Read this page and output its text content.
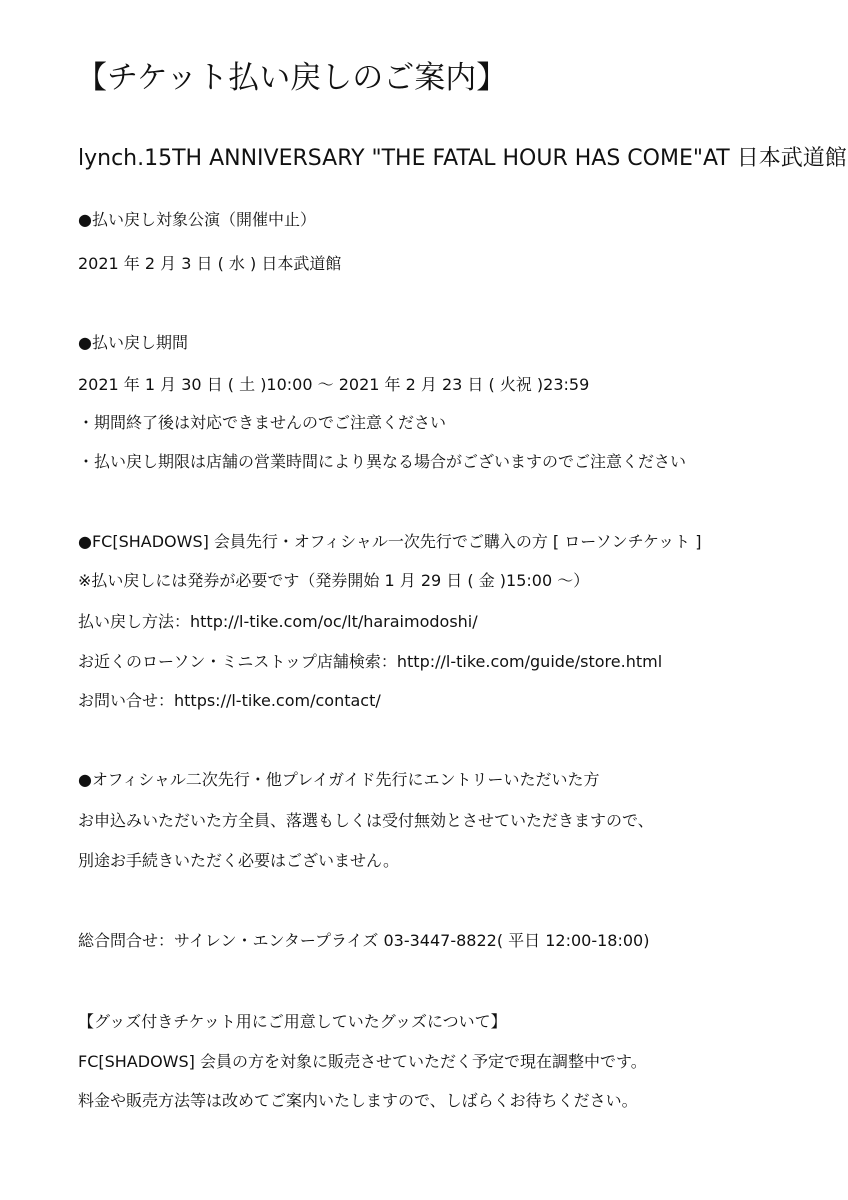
【チケット払い戻しのご案内】
lynch.15TH ANNIVERSARY "THE FATAL HOUR HAS COME"AT 日本武道館
●払い戻し対象公演（開催中止）
2021 年 2 月 3 日 ( 水 ) 日本武道館
●払い戻し期間
2021 年 1 月 30 日 ( 土 )10:00 〜 2021 年 2 月 23 日 ( 火祝 )23:59
・期間終了後は対応できませんのでご注意ください
・払い戻し期限は店舗の営業時間により異なる場合がございますのでご注意ください
●FC[SHADOWS] 会員先行・オフィシャル一次先行でご購入の方 [ ローソンチケット ]
※払い戻しには発券が必要です（発券開始 1 月 29 日 ( 金 )15:00 〜）
払い戻し方法：http://l-tike.com/oc/lt/haraimodoshi/
お近くのローソン・ミニストップ店舗検索：http://l-tike.com/guide/store.html
お問い合せ：https://l-tike.com/contact/
●オフィシャル二次先行・他プレイガイド先行にエントリーいただいた方
お申込みいただいた方全員、落選もしくは受付無効とさせていただきますので、
別途お手続きいただく必要はございません。
総合問合せ：サイレン・エンタープライズ 03-3447-8822( 平日 12:00-18:00)
【グッズ付きチケット用にご用意していたグッズについて】
FC[SHADOWS] 会員の方を対象に販売させていただく予定で現在調整中です。
料金や販売方法等は改めてご案内いたしますので、しばらくお待ちください。
